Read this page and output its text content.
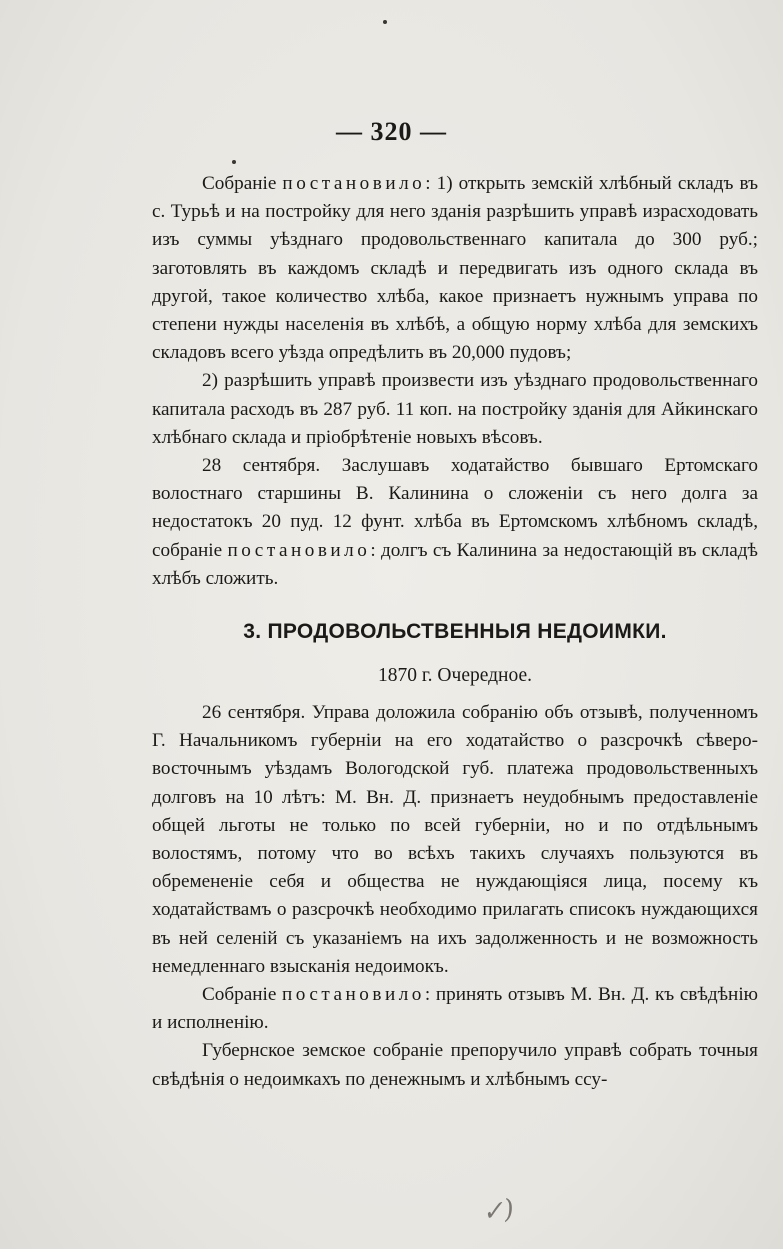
— 320 —

Собраніе постановило: 1) открыть земскій хлѣбный складъ въ с. Турьѣ и на постройку для него зданія разрѣшить управѣ израсходовать изъ суммы уѣзднаго продовольственнаго капитала до 300 руб.; заготовлять въ каждомъ складѣ и передвигать изъ одного склада въ другой, такое количество хлѣба, какое признаетъ нужнымъ управа по степени нужды населенія въ хлѣбѣ, а общую норму хлѣба для земскихъ складовъ всего уѣзда опредѣлить въ 20,000 пудовъ;

2) разрѣшить управѣ произвести изъ уѣзднаго продовольственнаго капитала расходъ въ 287 руб. 11 коп. на постройку зданія для Айкинскаго хлѣбнаго склада и пріобрѣтеніе новыхъ вѣсовъ.

28 сентября. Заслушавъ ходатайство бывшаго Ертомскаго волостнаго старшины В. Калинина о сложеніи съ него долга за недостатокъ 20 пуд. 12 фунт. хлѣба въ Ертомскомъ хлѣбномъ складѣ, собраніе постановило: долгъ съ Калинина за недостающій въ складѣ хлѣбъ сложить.

3. ПРОДОВОЛЬСТВЕННЫЯ НЕДОИМКИ.
1870 г. Очередное.

26 сентября. Управа доложила собранію объ отзывѣ, полученномъ Г. Начальникомъ губерніи на его ходатайство о разсрочкѣ сѣверо-восточнымъ уѣздамъ Вологодской губ. платежа продовольственныхъ долговъ на 10 лѣтъ: М. Вн. Д. признаетъ неудобнымъ предоставленіе общей льготы не только по всей губерніи, но и по отдѣльнымъ волостямъ, потому что во всѣхъ такихъ случаяхъ пользуются въ обремененіе себя и общества не нуждающіяся лица, посему къ ходатайствамъ о разсрочкѣ необходимо прилагать списокъ нуждающихся въ ней селеній съ указаніемъ на ихъ задолженность и не возможность немедленнаго взысканія недоимокъ.

Собраніе постановило: принять отзывъ М. Вн. Д. къ свѣдѣнію и исполненію.

Губернское земское собраніе препоручило управѣ собрать точныя свѣдѣнія о недоимкахъ по денежнымъ и хлѣбнымъ ссу-

✓)
